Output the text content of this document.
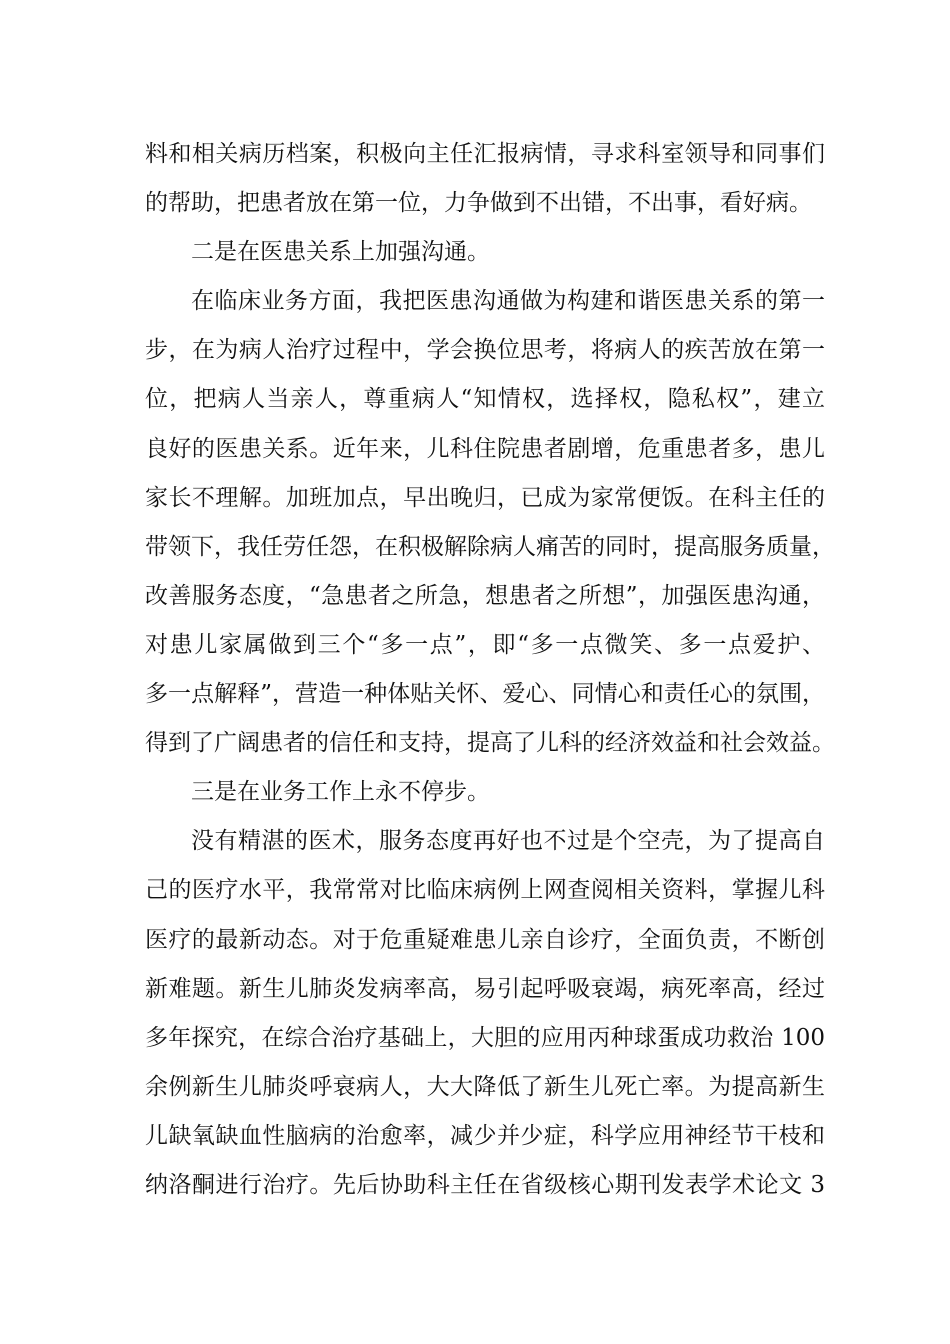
料和相关病历档案，积极向主任汇报病情，寻求科室领导和同事们
的帮助，把患者放在第一位，力争做到不出错，不出事，看好病。
二是在医患关系上加强沟通。
在临床业务方面，我把医患沟通做为构建和谐医患关系的第一
步，在为病人治疗过程中，学会换位思考，将病人的疾苦放在第一
位，把病人当亲人，尊重病人“知情权，选择权，隐私权”，建立
良好的医患关系。近年来，儿科住院患者剧增，危重患者多，患儿
家长不理解。加班加点，早出晚归，已成为家常便饭。在科主任的
带领下，我任劳任怨，在积极解除病人痛苦的同时，提高服务质量，
改善服务态度，“急患者之所急，想患者之所想”，加强医患沟通，
对患儿家属做到三个“多一点”，即“多一点微笑、多一点爱护、
多一点解释”，营造一种体贴关怀、爱心、同情心和责任心的氛围，
得到了广阔患者的信任和支持，提高了儿科的经济效益和社会效益。
三是在业务工作上永不停步。
没有精湛的医术，服务态度再好也不过是个空壳，为了提高自
己的医疗水平，我常常对比临床病例上网查阅相关资料，掌握儿科
医疗的最新动态。对于危重疑难患儿亲自诊疗，全面负责，不断创
新难题。新生儿肺炎发病率高，易引起呼吸衰竭，病死率高，经过
多年探究，在综合治疗基础上，大胆的应用丙种球蛋成功救治 100
余例新生儿肺炎呼衰病人，大大降低了新生儿死亡率。为提高新生
儿缺氧缺血性脑病的治愈率，减少并少症，科学应用神经节干枝和
纳洛酮进行治疗。先后协助科主任在省级核心期刊发表学术论文 3
